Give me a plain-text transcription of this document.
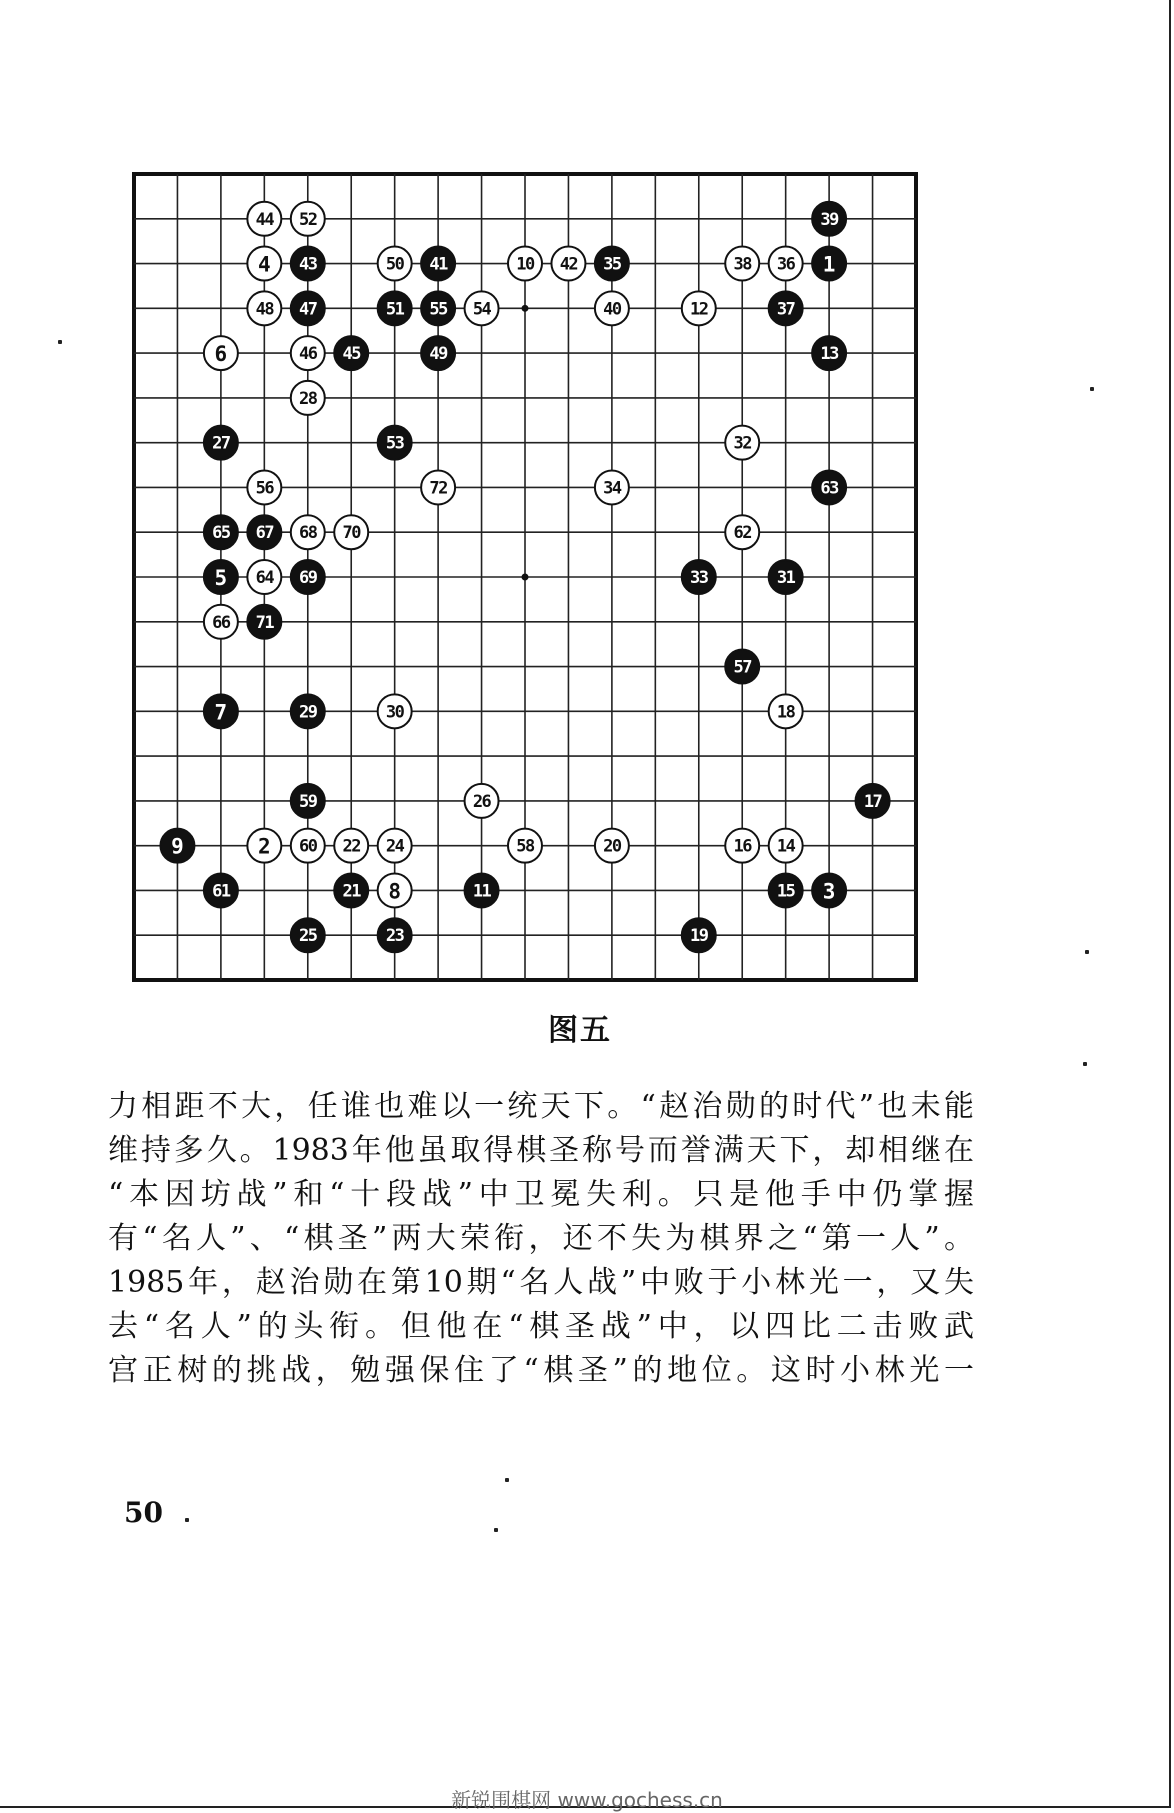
44 52	39
4 43	50 41	10 42 35	38 36 1
48 47	51 55 54	40	12	37
6	46 45	49	13
28
27	53	32
56	72	34	63
65 67 68 70	62
5 64 69	33	31
66 71
57
7	29	30	18
59	26	17
9	2 60 22 24	58	20	16 14
61	21 8	11	15 3
25	23	19
图五
力相距不大，任谁也难以一统天下。“赵治勋的时代”也未能
维持多久。1983年他虽取得棋圣称号而誉满天下，却相继在
“本因坊战”和“十段战”中卫冕失利。只是他手中仍掌握
有“名人”、“棋圣”两大荣衔，还不失为棋界之“第一人”。
1985年，赵治勋在第10期“名人战”中败于小林光一，又失
去“名人”的头衔。但他在“棋圣战”中，以四比二击败武
宫正树的挑战，勉强保住了“棋圣”的地位。这时小林光一
50
新锐围棋网 www.gochess.cn
